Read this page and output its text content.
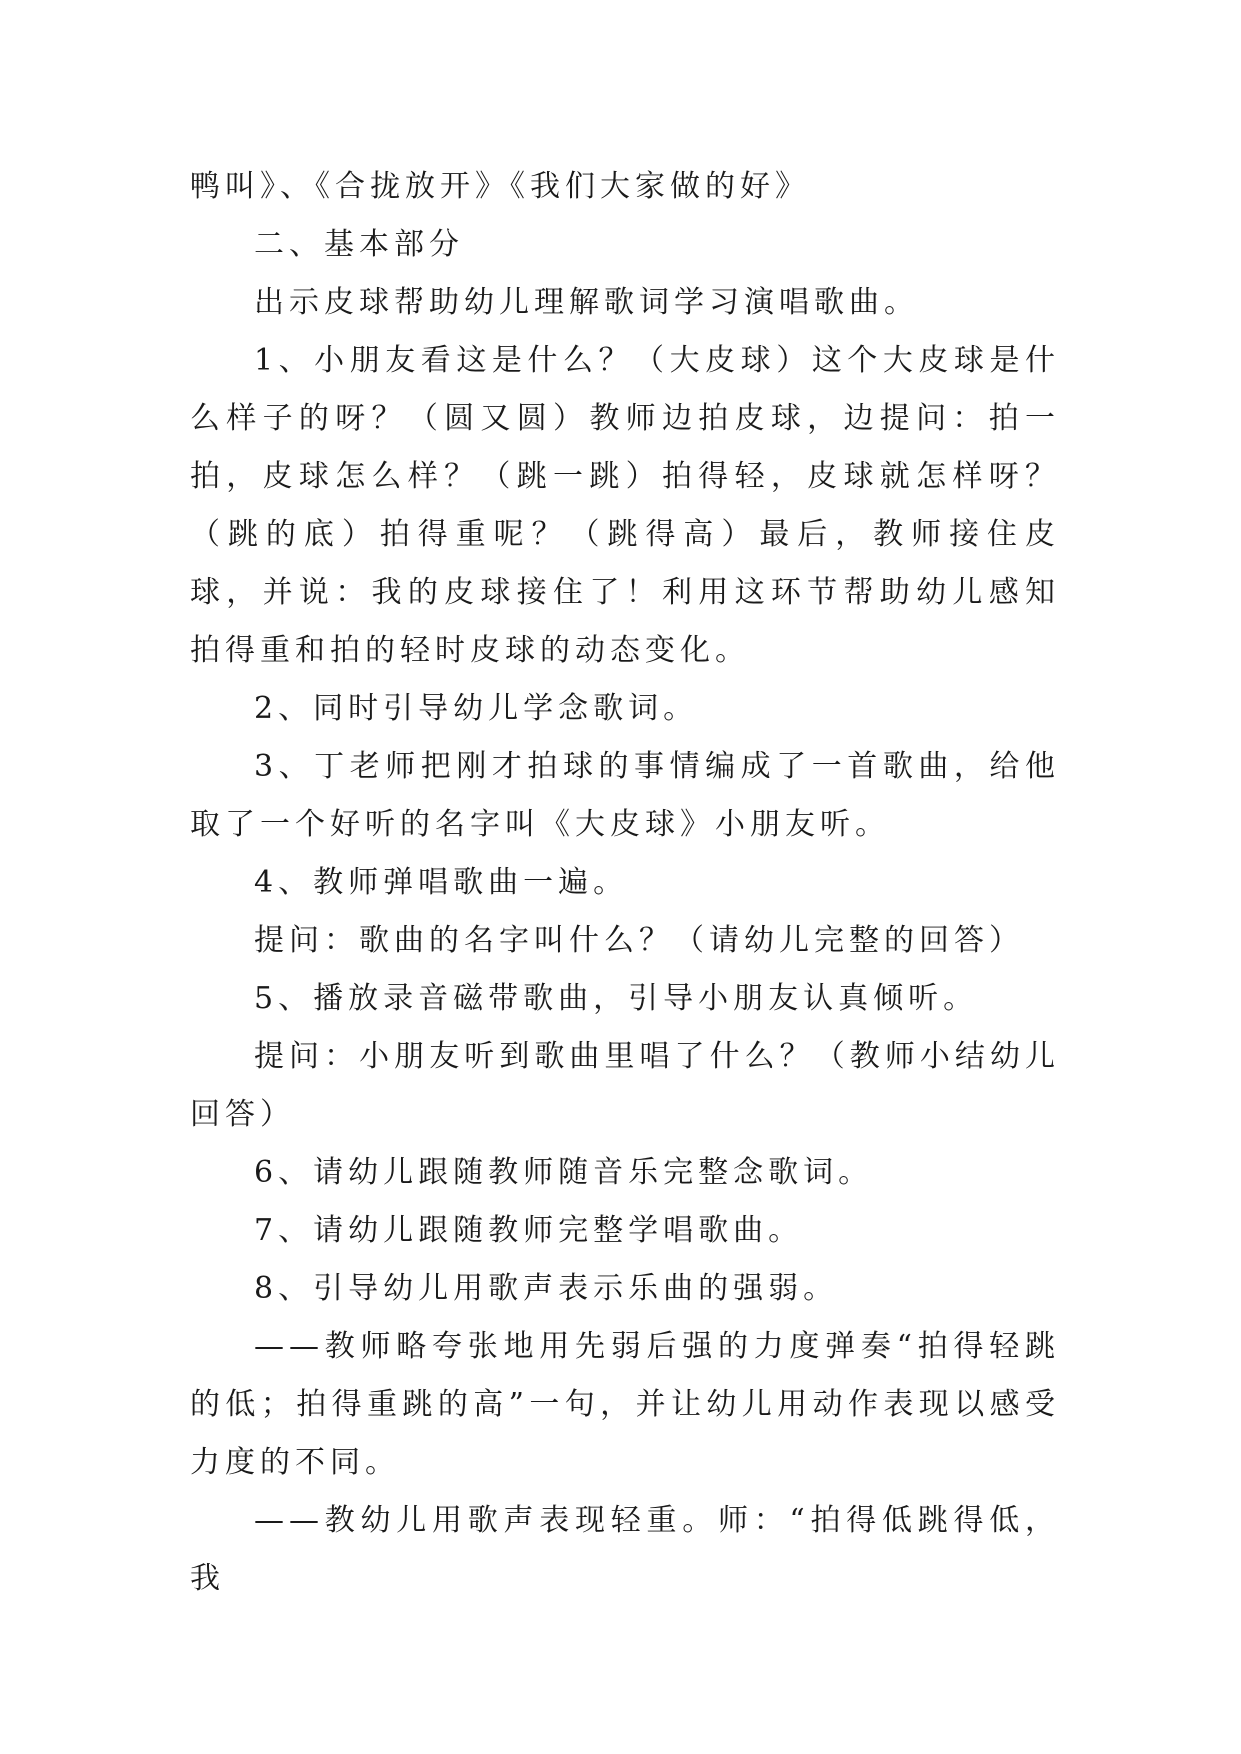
鸭叫》、《合拢放开》《我们大家做的好》

二、基本部分

出示皮球帮助幼儿理解歌词学习演唱歌曲。

1、小朋友看这是什么？（大皮球）这个大皮球是什么样子的呀？（圆又圆）教师边拍皮球，边提问：拍一拍，皮球怎么样？（跳一跳）拍得轻，皮球就怎样呀？（跳的底）拍得重呢？（跳得高）最后，教师接住皮球，并说：我的皮球接住了！利用这环节帮助幼儿感知拍得重和拍的轻时皮球的动态变化。

2、同时引导幼儿学念歌词。

3、丁老师把刚才拍球的事情编成了一首歌曲，给他取了一个好听的名字叫《大皮球》小朋友听。

4、教师弹唱歌曲一遍。

提问：歌曲的名字叫什么？（请幼儿完整的回答）

5、播放录音磁带歌曲，引导小朋友认真倾听。

提问：小朋友听到歌曲里唱了什么？（教师小结幼儿回答）

6、请幼儿跟随教师随音乐完整念歌词。

7、请幼儿跟随教师完整学唱歌曲。

8、引导幼儿用歌声表示乐曲的强弱。

——教师略夸张地用先弱后强的力度弹奏“拍得轻跳的低；拍得重跳的高”一句，并让幼儿用动作表现以感受力度的不同。

——教幼儿用歌声表现轻重。师：“拍得低跳得低，我
